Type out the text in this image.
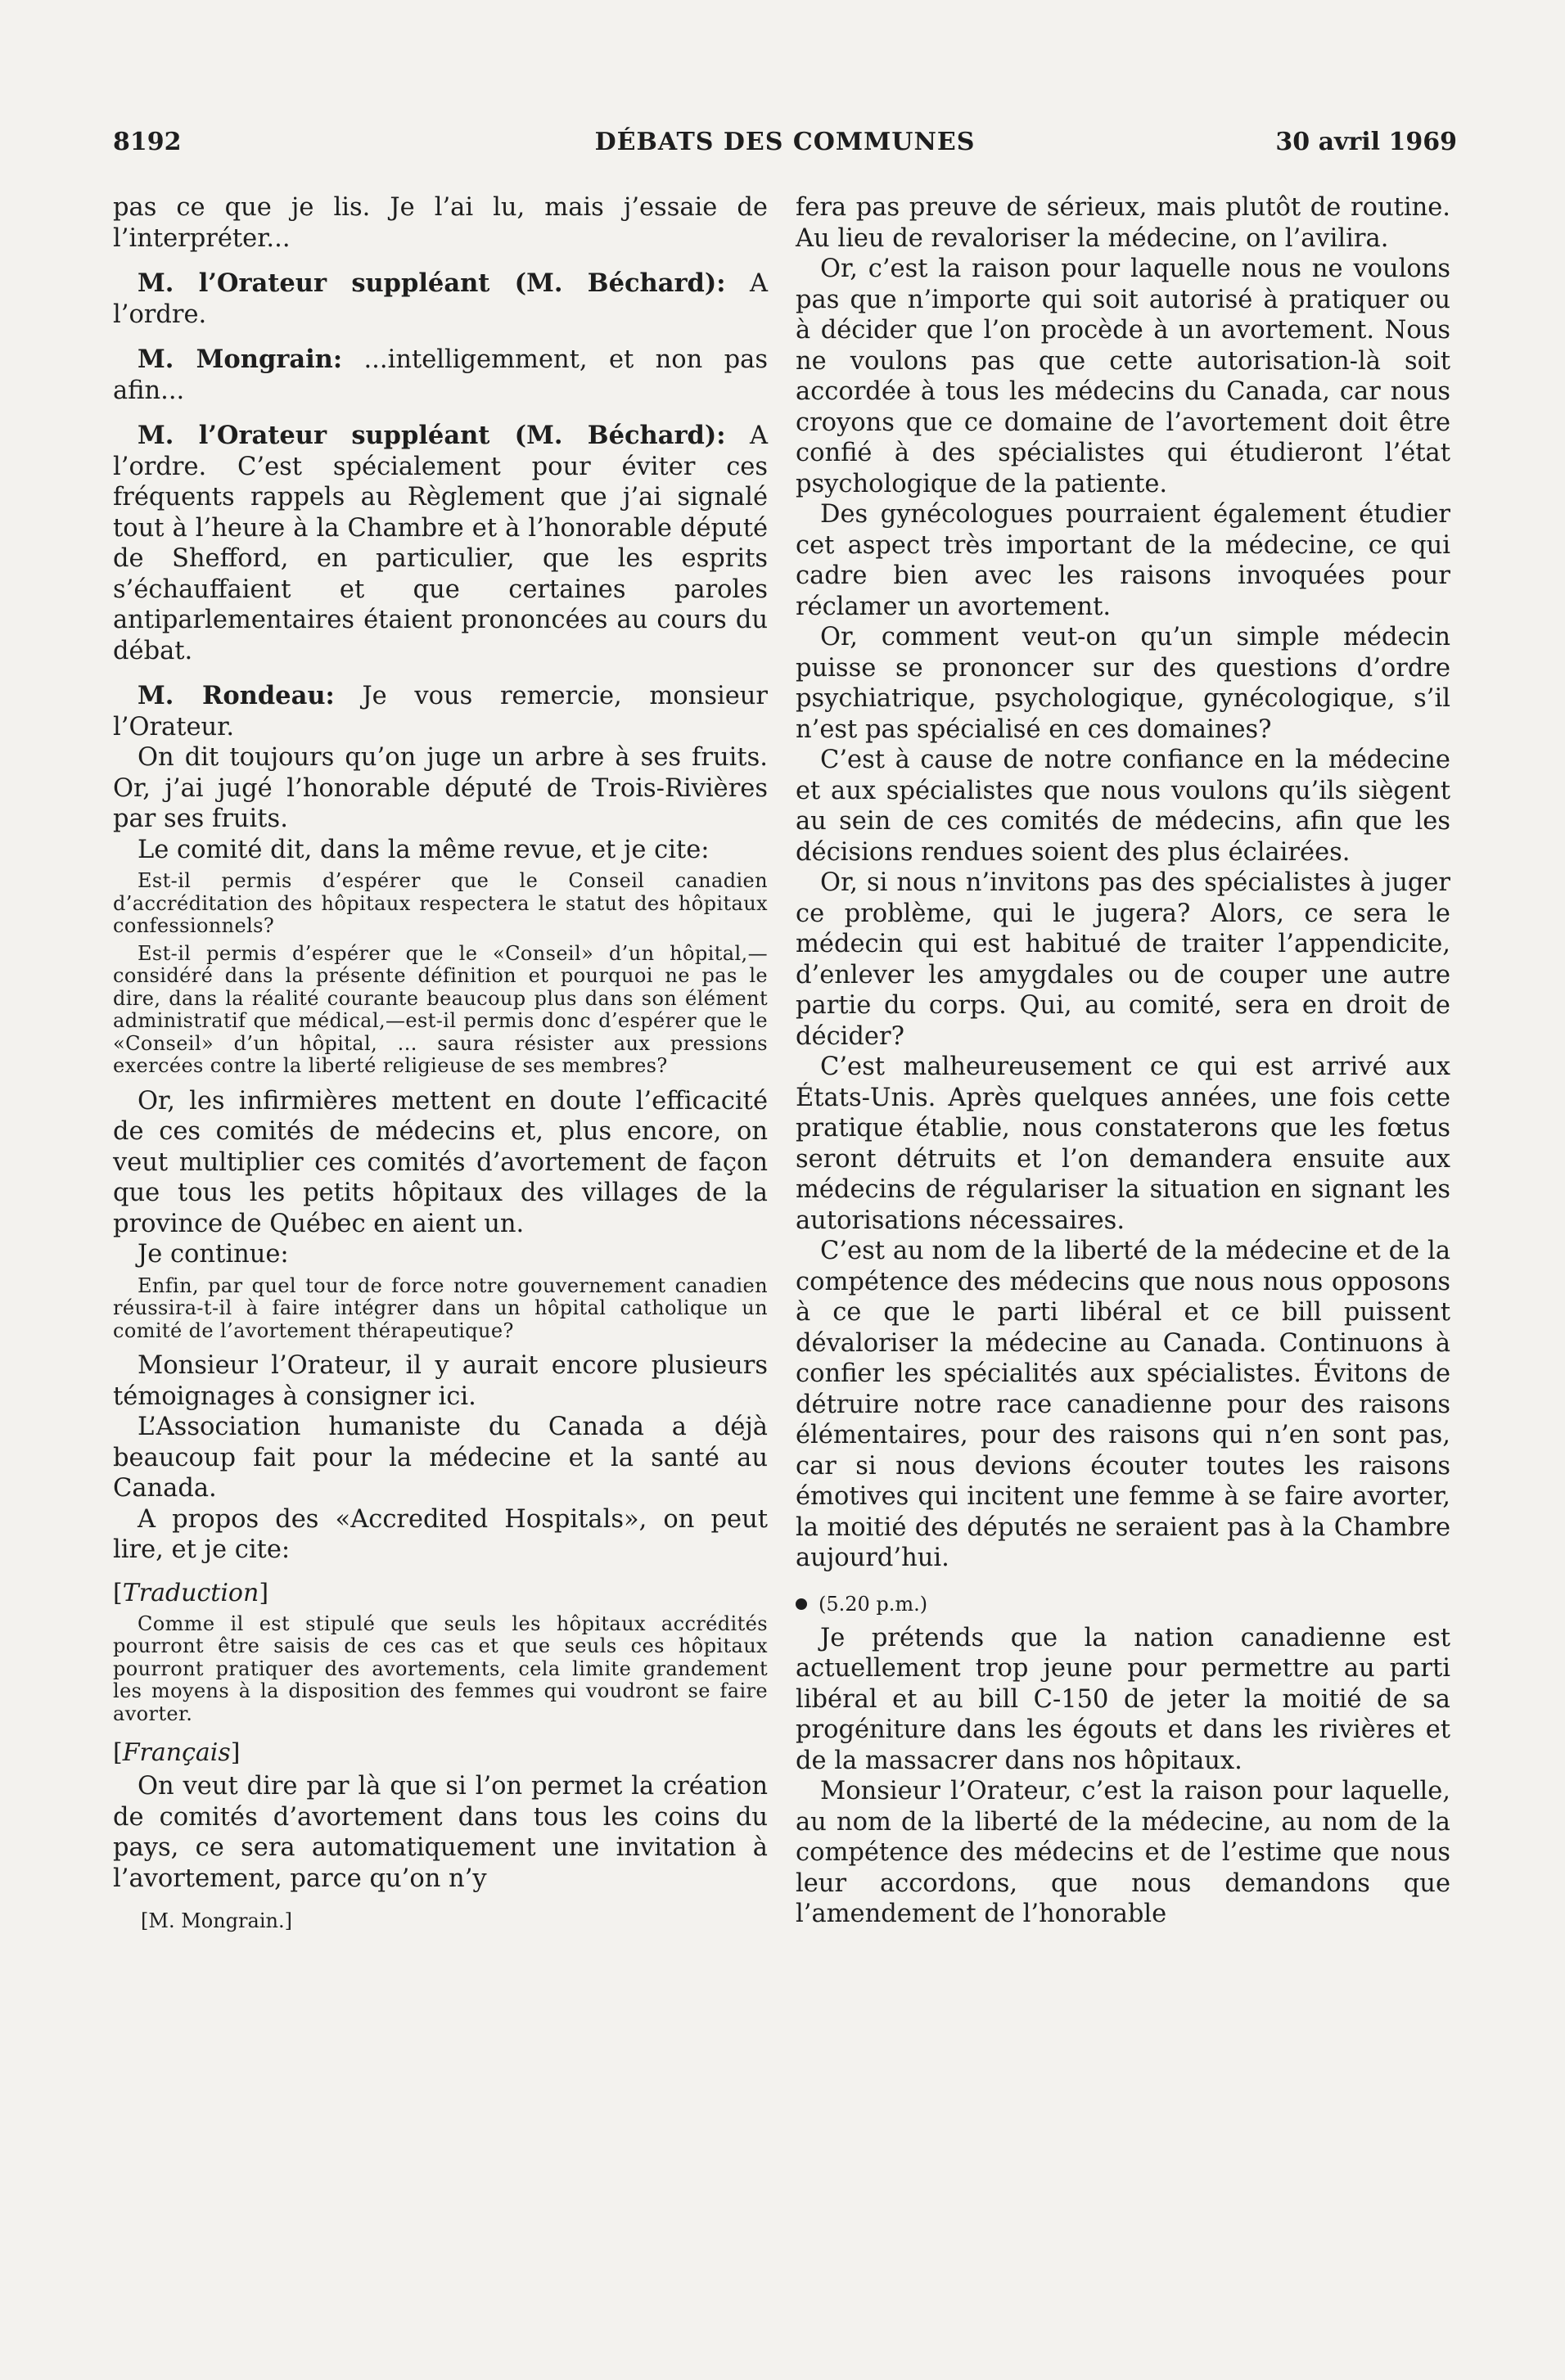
8192	DÉBATS DES COMMUNES	30 avril 1969

pas ce que je lis. Je l’ai lu, mais j’essaie de l’interpréter...

M. l’Orateur suppléant (M. Béchard): A l’ordre.

M. Mongrain: ...intelligemment, et non pas afin...

M. l’Orateur suppléant (M. Béchard): A l’ordre. C’est spécialement pour éviter ces fréquents rappels au Règlement que j’ai signalé tout à l’heure à la Chambre et à l’honorable député de Shefford, en particulier, que les esprits s’échauffaient et que certaines paroles antiparlementaires étaient prononcées au cours du débat.

M. Rondeau: Je vous remercie, monsieur l’Orateur.

On dit toujours qu’on juge un arbre à ses fruits. Or, j’ai jugé l’honorable député de Trois-Rivières par ses fruits.

Le comité dit, dans la même revue, et je cite:

Est-il permis d’espérer que le Conseil canadien d’accréditation des hôpitaux respectera le statut des hôpitaux confessionnels?

Est-il permis d’espérer que le «Conseil» d’un hôpital,—considéré dans la présente définition et pourquoi ne pas le dire, dans la réalité courante beaucoup plus dans son élément administratif que médical,—est-il permis donc d’espérer que le «Conseil» d’un hôpital, ... saura résister aux pressions exercées contre la liberté religieuse de ses membres?

Or, les infirmières mettent en doute l’efficacité de ces comités de médecins et, plus encore, on veut multiplier ces comités d’avortement de façon que tous les petits hôpitaux des villages de la province de Québec en aient un.

Je continue:

Enfin, par quel tour de force notre gouvernement canadien réussira-t-il à faire intégrer dans un hôpital catholique un comité de l’avortement thérapeutique?

Monsieur l’Orateur, il y aurait encore plusieurs témoignages à consigner ici.

L’Association humaniste du Canada a déjà beaucoup fait pour la médecine et la santé au Canada.

A propos des «Accredited Hospitals», on peut lire, et je cite:

[Traduction]

Comme il est stipulé que seuls les hôpitaux accrédités pourront être saisis de ces cas et que seuls ces hôpitaux pourront pratiquer des avortements, cela limite grandement les moyens à la disposition des femmes qui voudront se faire avorter.

[Français]

On veut dire par là que si l’on permet la création de comités d’avortement dans tous les coins du pays, ce sera automatiquement une invitation à l’avortement, parce qu’on n’y

[M. Mongrain.]

fera pas preuve de sérieux, mais plutôt de routine. Au lieu de revaloriser la médecine, on l’avilira.

Or, c’est la raison pour laquelle nous ne voulons pas que n’importe qui soit autorisé à pratiquer ou à décider que l’on procède à un avortement. Nous ne voulons pas que cette autorisation-là soit accordée à tous les médecins du Canada, car nous croyons que ce domaine de l’avortement doit être confié à des spécialistes qui étudieront l’état psychologique de la patiente.

Des gynécologues pourraient également étudier cet aspect très important de la médecine, ce qui cadre bien avec les raisons invoquées pour réclamer un avortement.

Or, comment veut-on qu’un simple médecin puisse se prononcer sur des questions d’ordre psychiatrique, psychologique, gynécologique, s’il n’est pas spécialisé en ces domaines?

C’est à cause de notre confiance en la médecine et aux spécialistes que nous voulons qu’ils siègent au sein de ces comités de médecins, afin que les décisions rendues soient des plus éclairées.

Or, si nous n’invitons pas des spécialistes à juger ce problème, qui le jugera? Alors, ce sera le médecin qui est habitué de traiter l’appendicite, d’enlever les amygdales ou de couper une autre partie du corps. Qui, au comité, sera en droit de décider?

C’est malheureusement ce qui est arrivé aux États-Unis. Après quelques années, une fois cette pratique établie, nous constaterons que les fœtus seront détruits et l’on demandera ensuite aux médecins de régulariser la situation en signant les autorisations nécessaires.

C’est au nom de la liberté de la médecine et de la compétence des médecins que nous nous opposons à ce que le parti libéral et ce bill puissent dévaloriser la médecine au Canada. Continuons à confier les spécialités aux spécialistes. Évitons de détruire notre race canadienne pour des raisons élémentaires, pour des raisons qui n’en sont pas, car si nous devions écouter toutes les raisons émotives qui incitent une femme à se faire avorter, la moitié des députés ne seraient pas à la Chambre aujourd’hui.

(5.20 p.m.)

Je prétends que la nation canadienne est actuellement trop jeune pour permettre au parti libéral et au bill C-150 de jeter la moitié de sa progéniture dans les égouts et dans les rivières et de la massacrer dans nos hôpitaux.

Monsieur l’Orateur, c’est la raison pour laquelle, au nom de la liberté de la médecine, au nom de la compétence des médecins et de l’estime que nous leur accordons, que nous demandons que l’amendement de l’honorable
